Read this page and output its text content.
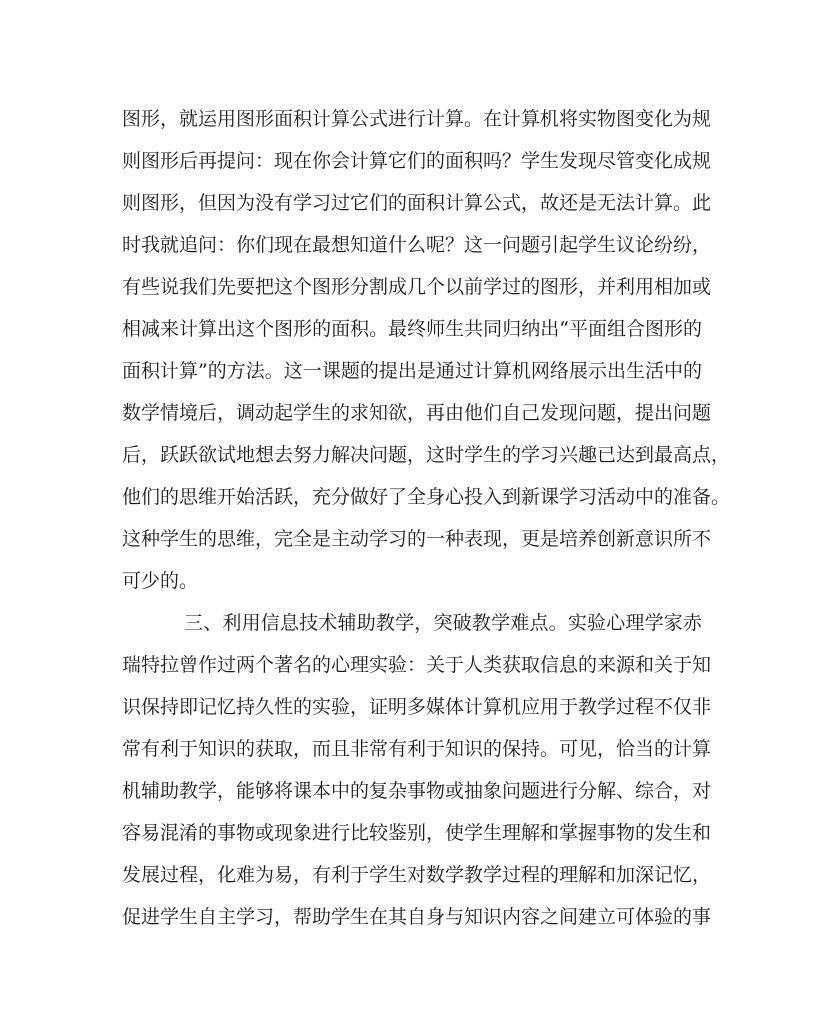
图形，就运用图形面积计算公式进行计算。在计算机将实物图变化为规
则图形后再提问：现在你会计算它们的面积吗？学生发现尽管变化成规
则图形，但因为没有学习过它们的面积计算公式，故还是无法计算。此
时我就追问：你们现在最想知道什么呢？这一问题引起学生议论纷纷，
有些说我们先要把这个图形分割成几个以前学过的图形，并利用相加或
相减来计算出这个图形的面积。最终师生共同归纳出“平面组合图形的
面积计算”的方法。这一课题的提出是通过计算机网络展示出生活中的
数学情境后，调动起学生的求知欲，再由他们自己发现问题，提出问题
后，跃跃欲试地想去努力解决问题，这时学生的学习兴趣已达到最高点，
他们的思维开始活跃，充分做好了全身心投入到新课学习活动中的准备。
这种学生的思维，完全是主动学习的一种表现，更是培养创新意识所不
可少的。
三、利用信息技术辅助教学，突破教学难点。实验心理学家赤
瑞特拉曾作过两个著名的心理实验：关于人类获取信息的来源和关于知
识保持即记忆持久性的实验，证明多媒体计算机应用于教学过程不仅非
常有利于知识的获取，而且非常有利于知识的保持。可见，恰当的计算
机辅助教学，能够将课本中的复杂事物或抽象问题进行分解、综合，对
容易混淆的事物或现象进行比较鉴别，使学生理解和掌握事物的发生和
发展过程，化难为易，有利于学生对数学教学过程的理解和加深记忆，
促进学生自主学习，帮助学生在其自身与知识内容之间建立可体验的事
